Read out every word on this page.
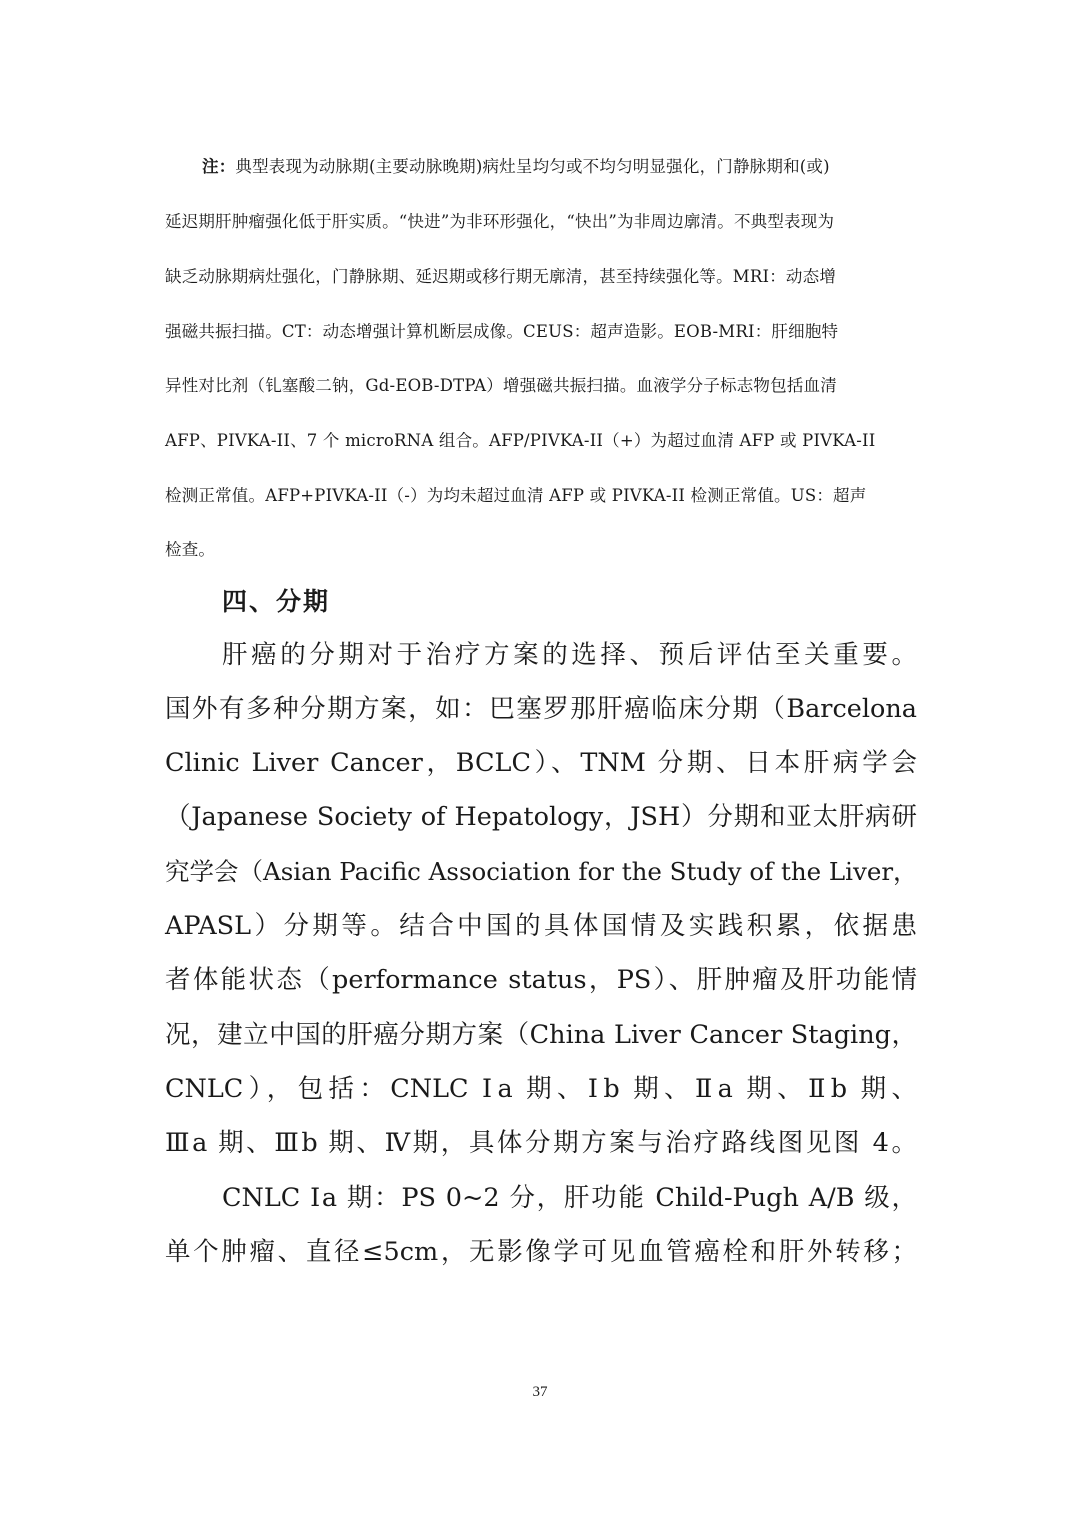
注：典型表现为动脉期(主要动脉晚期)病灶呈均匀或不均匀明显强化，门静脉期和(或)
延迟期肝肿瘤强化低于肝实质。“快进”为非环形强化，“快出”为非周边廓清。不典型表现为
缺乏动脉期病灶强化，门静脉期、延迟期或移行期无廓清，甚至持续强化等。MRI：动态增
强磁共振扫描。CT：动态增强计算机断层成像。CEUS：超声造影。EOB-MRI：肝细胞特
异性对比剂（钆塞酸二钠，Gd-EOB-DTPA）增强磁共振扫描。血液学分子标志物包括血清
AFP、PIVKA-II、7 个 microRNA 组合。AFP/PIVKA-II（+）为超过血清 AFP 或 PIVKA-II
检测正常值。AFP+PIVKA-II（-）为均未超过血清 AFP 或 PIVKA-II 检测正常值。US：超声
检查。
四、分期
肝癌的分期对于治疗方案的选择、预后评估至关重要。
国外有多种分期方案，如：巴塞罗那肝癌临床分期（Barcelona
Clinic Liver Cancer，BCLC）、TNM 分期、日本肝病学会
（Japanese Society of Hepatology，JSH）分期和亚太肝病研
究学会（Asian Pacific Association for the Study of the Liver，
APASL）分期等。结合中国的具体国情及实践积累，依据患
者体能状态（performance status，PS）、肝肿瘤及肝功能情
况，建立中国的肝癌分期方案（China Liver Cancer Staging，
CNLC），包括：CNLC Ⅰa 期、Ⅰb 期、Ⅱa 期、Ⅱb 期、
Ⅲa 期、Ⅲb 期、Ⅳ期，具体分期方案与治疗路线图见图 4。
CNLC Ⅰa 期：PS 0~2 分，肝功能 Child-Pugh A/B 级，
单个肿瘤、直径≤5cm，无影像学可见血管癌栓和肝外转移；
37
